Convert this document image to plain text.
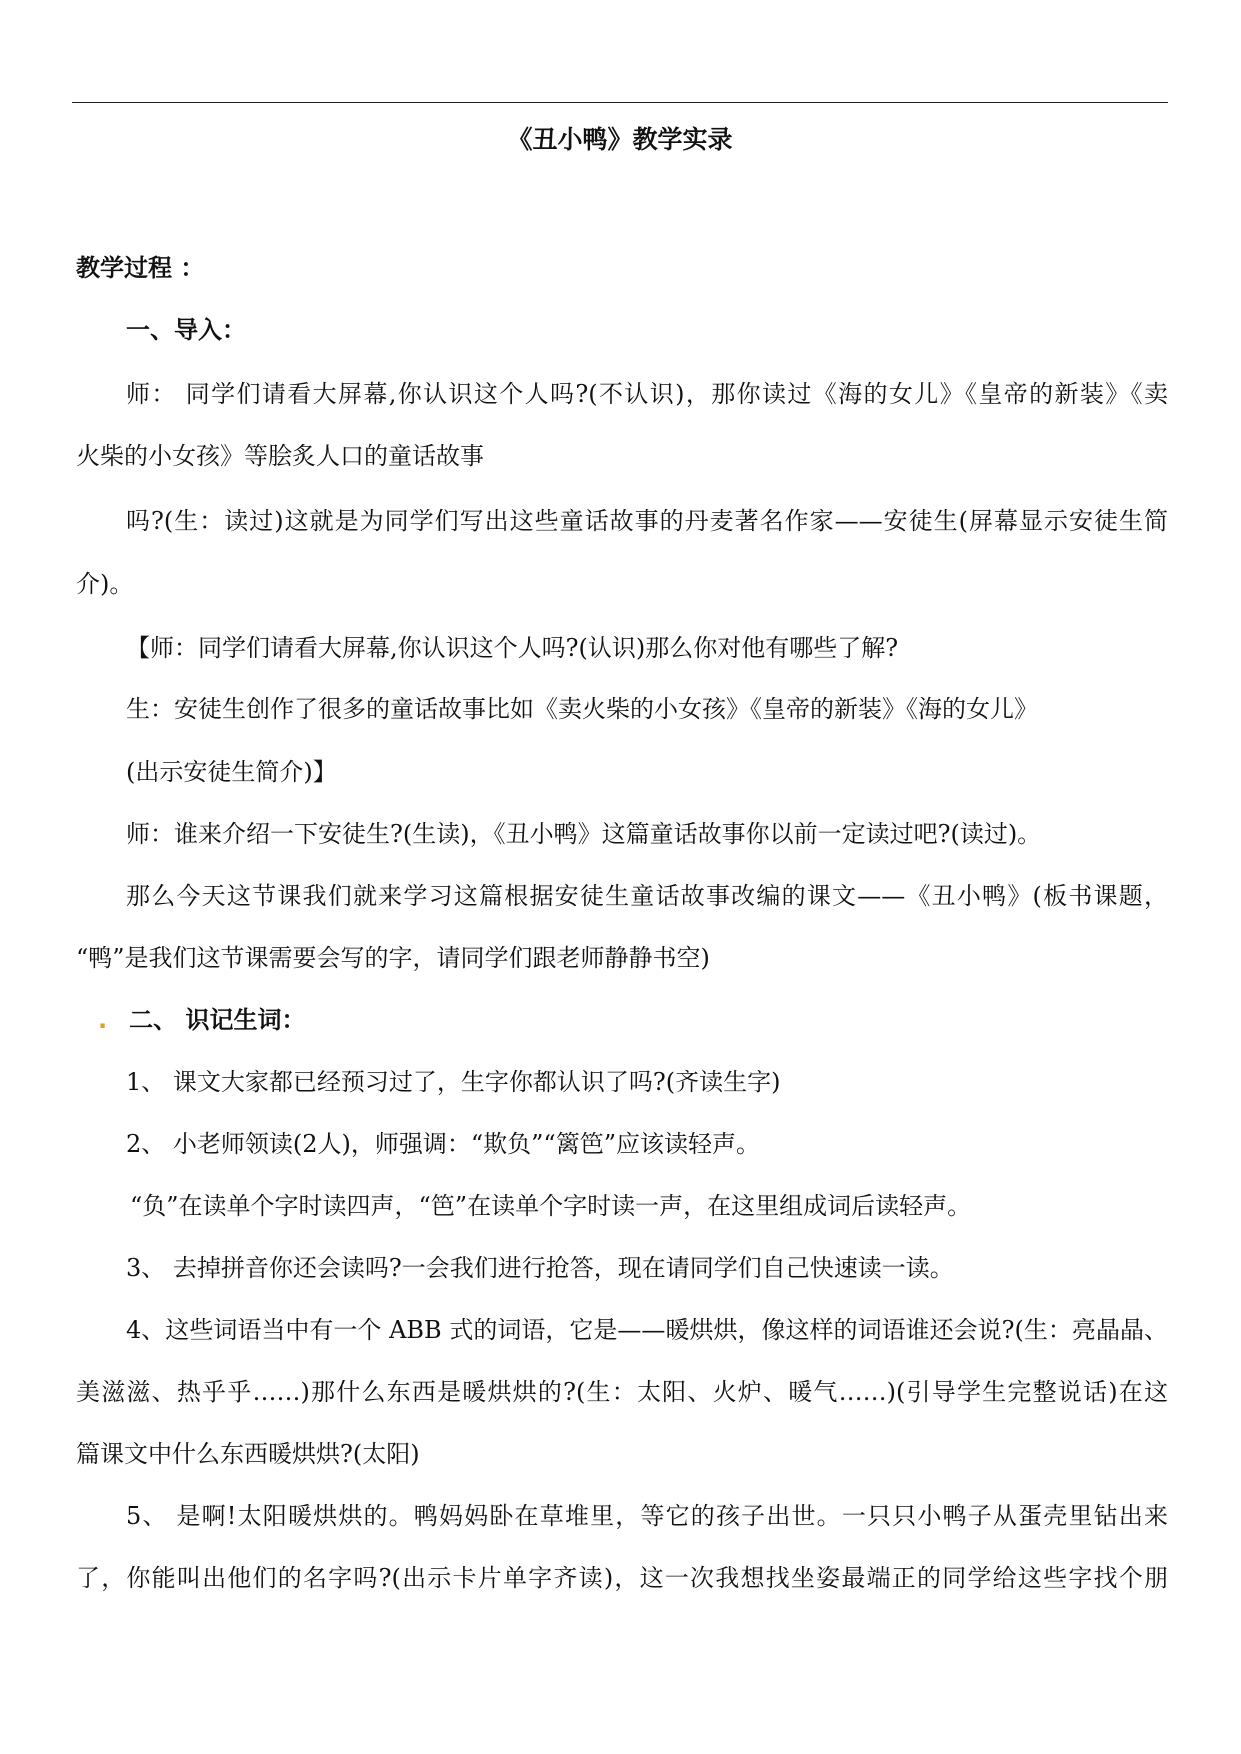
《丑小鸭》教学实录
教学过程 ：
一、导入：
师： 同学们请看大屏幕,你认识这个人吗?(不认识)，那你读过《海的女儿》《皇帝的新装》《卖
火柴的小女孩》等脍炙人口的童话故事
吗?(生：读过)这就是为同学们写出这些童话故事的丹麦著名作家——安徒生(屏幕显示安徒生简
介)。
【师：同学们请看大屏幕,你认识这个人吗?(认识)那么你对他有哪些了解?
生：安徒生创作了很多的童话故事比如《卖火柴的小女孩》《皇帝的新装》《海的女儿》
(出示安徒生简介)】
师：谁来介绍一下安徒生?(生读)，《丑小鸭》这篇童话故事你以前一定读过吧?(读过)。
那么今天这节课我们就来学习这篇根据安徒生童话故事改编的课文——《丑小鸭》(板书课题，
“鸭”是我们这节课需要会写的字，请同学们跟老师静静书空)
. 二、 识记生词：
1、 课文大家都已经预习过了，生字你都认识了吗?(齐读生字)
2、 小老师领读(2人)，师强调：“欺负”“篱笆”应该读轻声。
“负”在读单个字时读四声，“笆”在读单个字时读一声，在这里组成词后读轻声。
3、 去掉拼音你还会读吗?一会我们进行抢答，现在请同学们自己快速读一读。
4、这些词语当中有一个 ABB 式的词语，它是——暖烘烘，像这样的词语谁还会说?(生：亮晶晶、
美滋滋、热乎乎……)那什么东西是暖烘烘的?(生：太阳、火炉、暖气……)(引导学生完整说话)在这
篇课文中什么东西暖烘烘?(太阳)
5、 是啊!太阳暖烘烘的。鸭妈妈卧在草堆里，等它的孩子出世。一只只小鸭子从蛋壳里钻出来
了，你能叫出他们的名字吗?(出示卡片单字齐读)，这一次我想找坐姿最端正的同学给这些字找个朋
